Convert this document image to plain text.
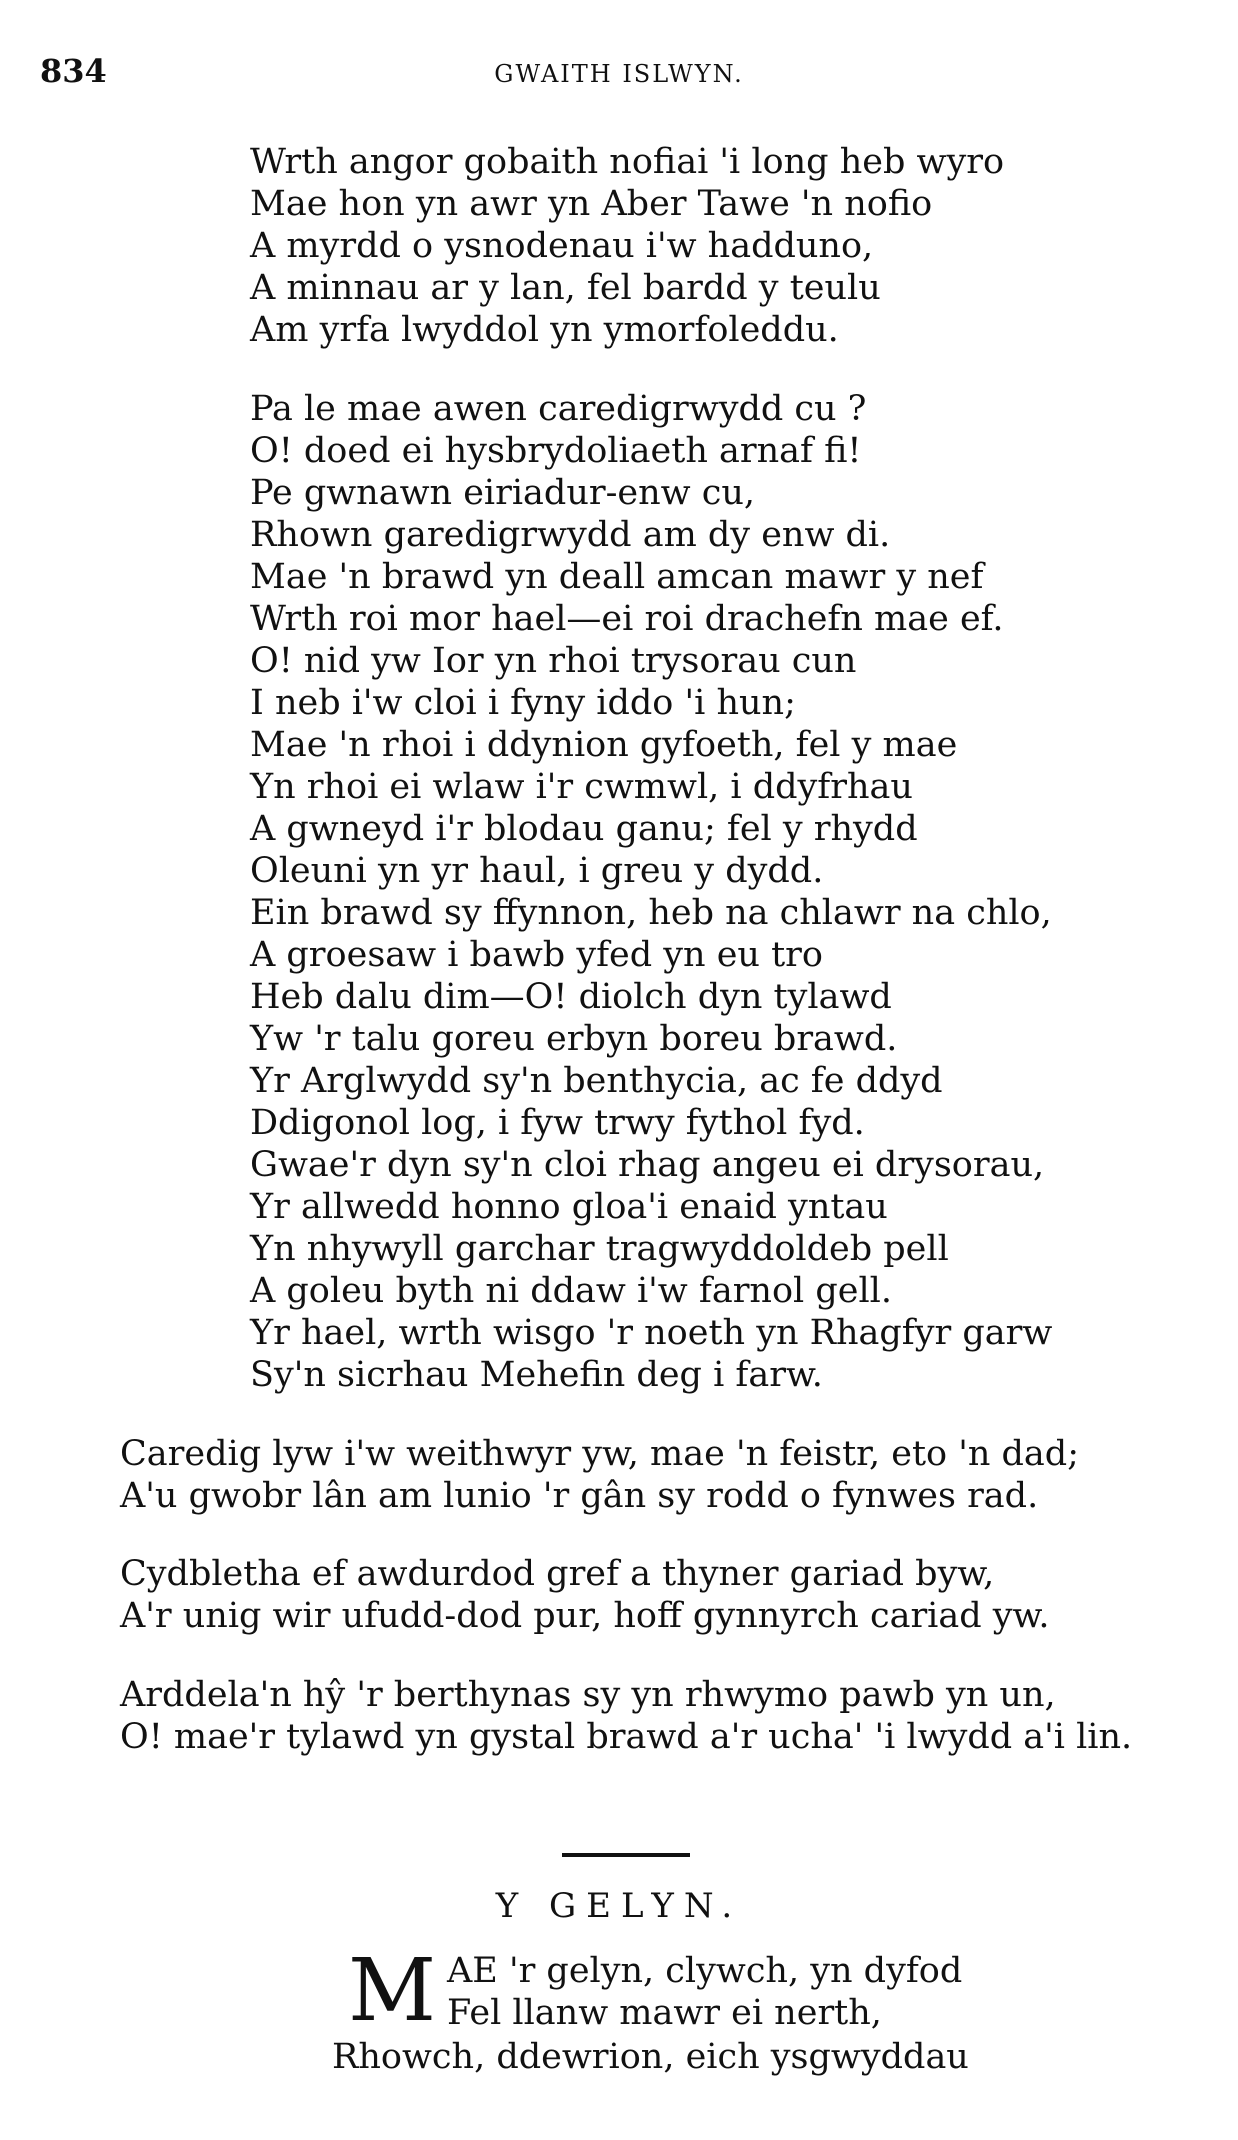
834	GWAITH ISLWYN.
Wrth angor gobaith nofiai 'i long heb wyro
Mae hon yn awr yn Aber Tawe 'n nofio
A myrdd o ysnodenau i'w hadduno,
A minnau ar y lan, fel bardd y teulu
Am yrfa lwyddol yn ymorfoleddu.
Pa le mae awen caredigrwydd cu ?
O! doed ei hysbrydoliaeth arnaf fi!
Pe gwnawn eiriadur-enw cu,
Rhown garedigrwydd am dy enw di.
Mae 'n brawd yn deall amcan mawr y nef
Wrth roi mor hael—ei roi drachefn mae ef.
O! nid yw Ior yn rhoi trysorau cun
I neb i'w cloi i fyny iddo 'i hun;
Mae 'n rhoi i ddynion gyfoeth, fel y mae
Yn rhoi ei wlaw i'r cwmwl, i ddyfrhau
A gwneyd i'r blodau ganu; fel y rhydd
Oleuni yn yr haul, i greu y dydd.
Ein brawd sy ffynnon, heb na chlawr na chlo,
A groesaw i bawb yfed yn eu tro
Heb dalu dim—O! diolch dyn tylawd
Yw 'r talu goreu erbyn boreu brawd.
Yr Arglwydd sy'n benthycia, ac fe ddyd
Ddigonol log, i fyw trwy fythol fyd.
Gwae'r dyn sy'n cloi rhag angeu ei drysorau,
Yr allwedd honno gloa'i enaid yntau
Yn nhywyll garchar tragwyddoldeb pell
A goleu byth ni ddaw i'w farnol gell.
Yr hael, wrth wisgo 'r noeth yn Rhagfyr garw
Sy'n sicrhau Mehefin deg i farw.
Caredig lyw i'w weithwyr yw, mae 'n feistr, eto 'n dad;
A'u gwobr lân am lunio 'r gân sy rodd o fynwes rad.
Cydbletha ef awdurdod gref a thyner gariad byw,
A'r unig wir ufudd-dod pur, hoff gynnyrch cariad yw.
Arddela'n hŷ 'r berthynas sy yn rhwymo pawb yn un,
O! mae'r tylawd yn gystal brawd a'r ucha' 'i lwydd a'i lin.
Y GELYN.
M AE 'r gelyn, clywch, yn dyfod
Fel llanw mawr ei nerth,
Rhowch, ddewrion, eich ysgwyddau
